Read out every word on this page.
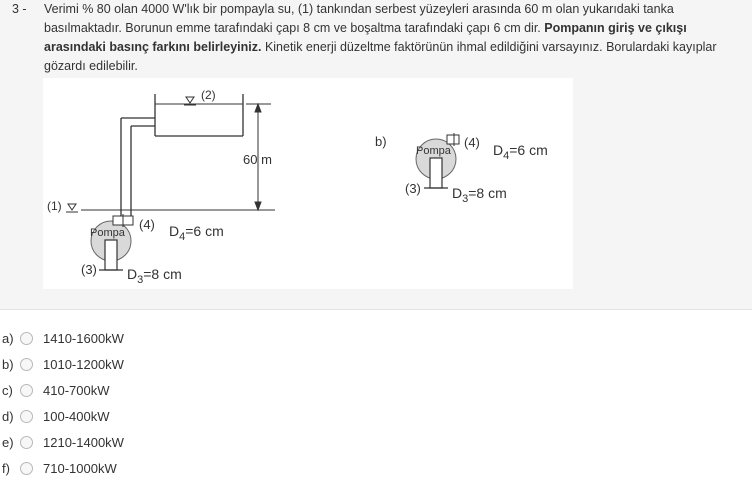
3 - Verimi % 80 olan 4000 W'lık bir pompayla su, (1) tankından serbest yüzeyleri arasında 60 m olan yukarıdaki tanka basılmaktadır. Borunun emme tarafındaki çapı 8 cm ve boşaltma tarafındaki çapı 6 cm dir. Pompanın giriş ve çıkışı arasındaki basınç farkını belirleyiniz. Kinetik enerji düzeltme faktörünün ihmal edildiğini varsayınız. Borulardaki kayıplar gözardı edilebilir.
(2)
60 m
(1)
Pompa
(4) $D_4=6$ cm
(3) $D_3=8$ cm
b)
Pompa
(4) $D_4=6$ cm
(3) $D_3=8$ cm
a)	1410-1600kW
b)	1010-1200kW
c)	410-700kW
d)	100-400kW
e)	1210-1400kW
f)	710-1000kW
